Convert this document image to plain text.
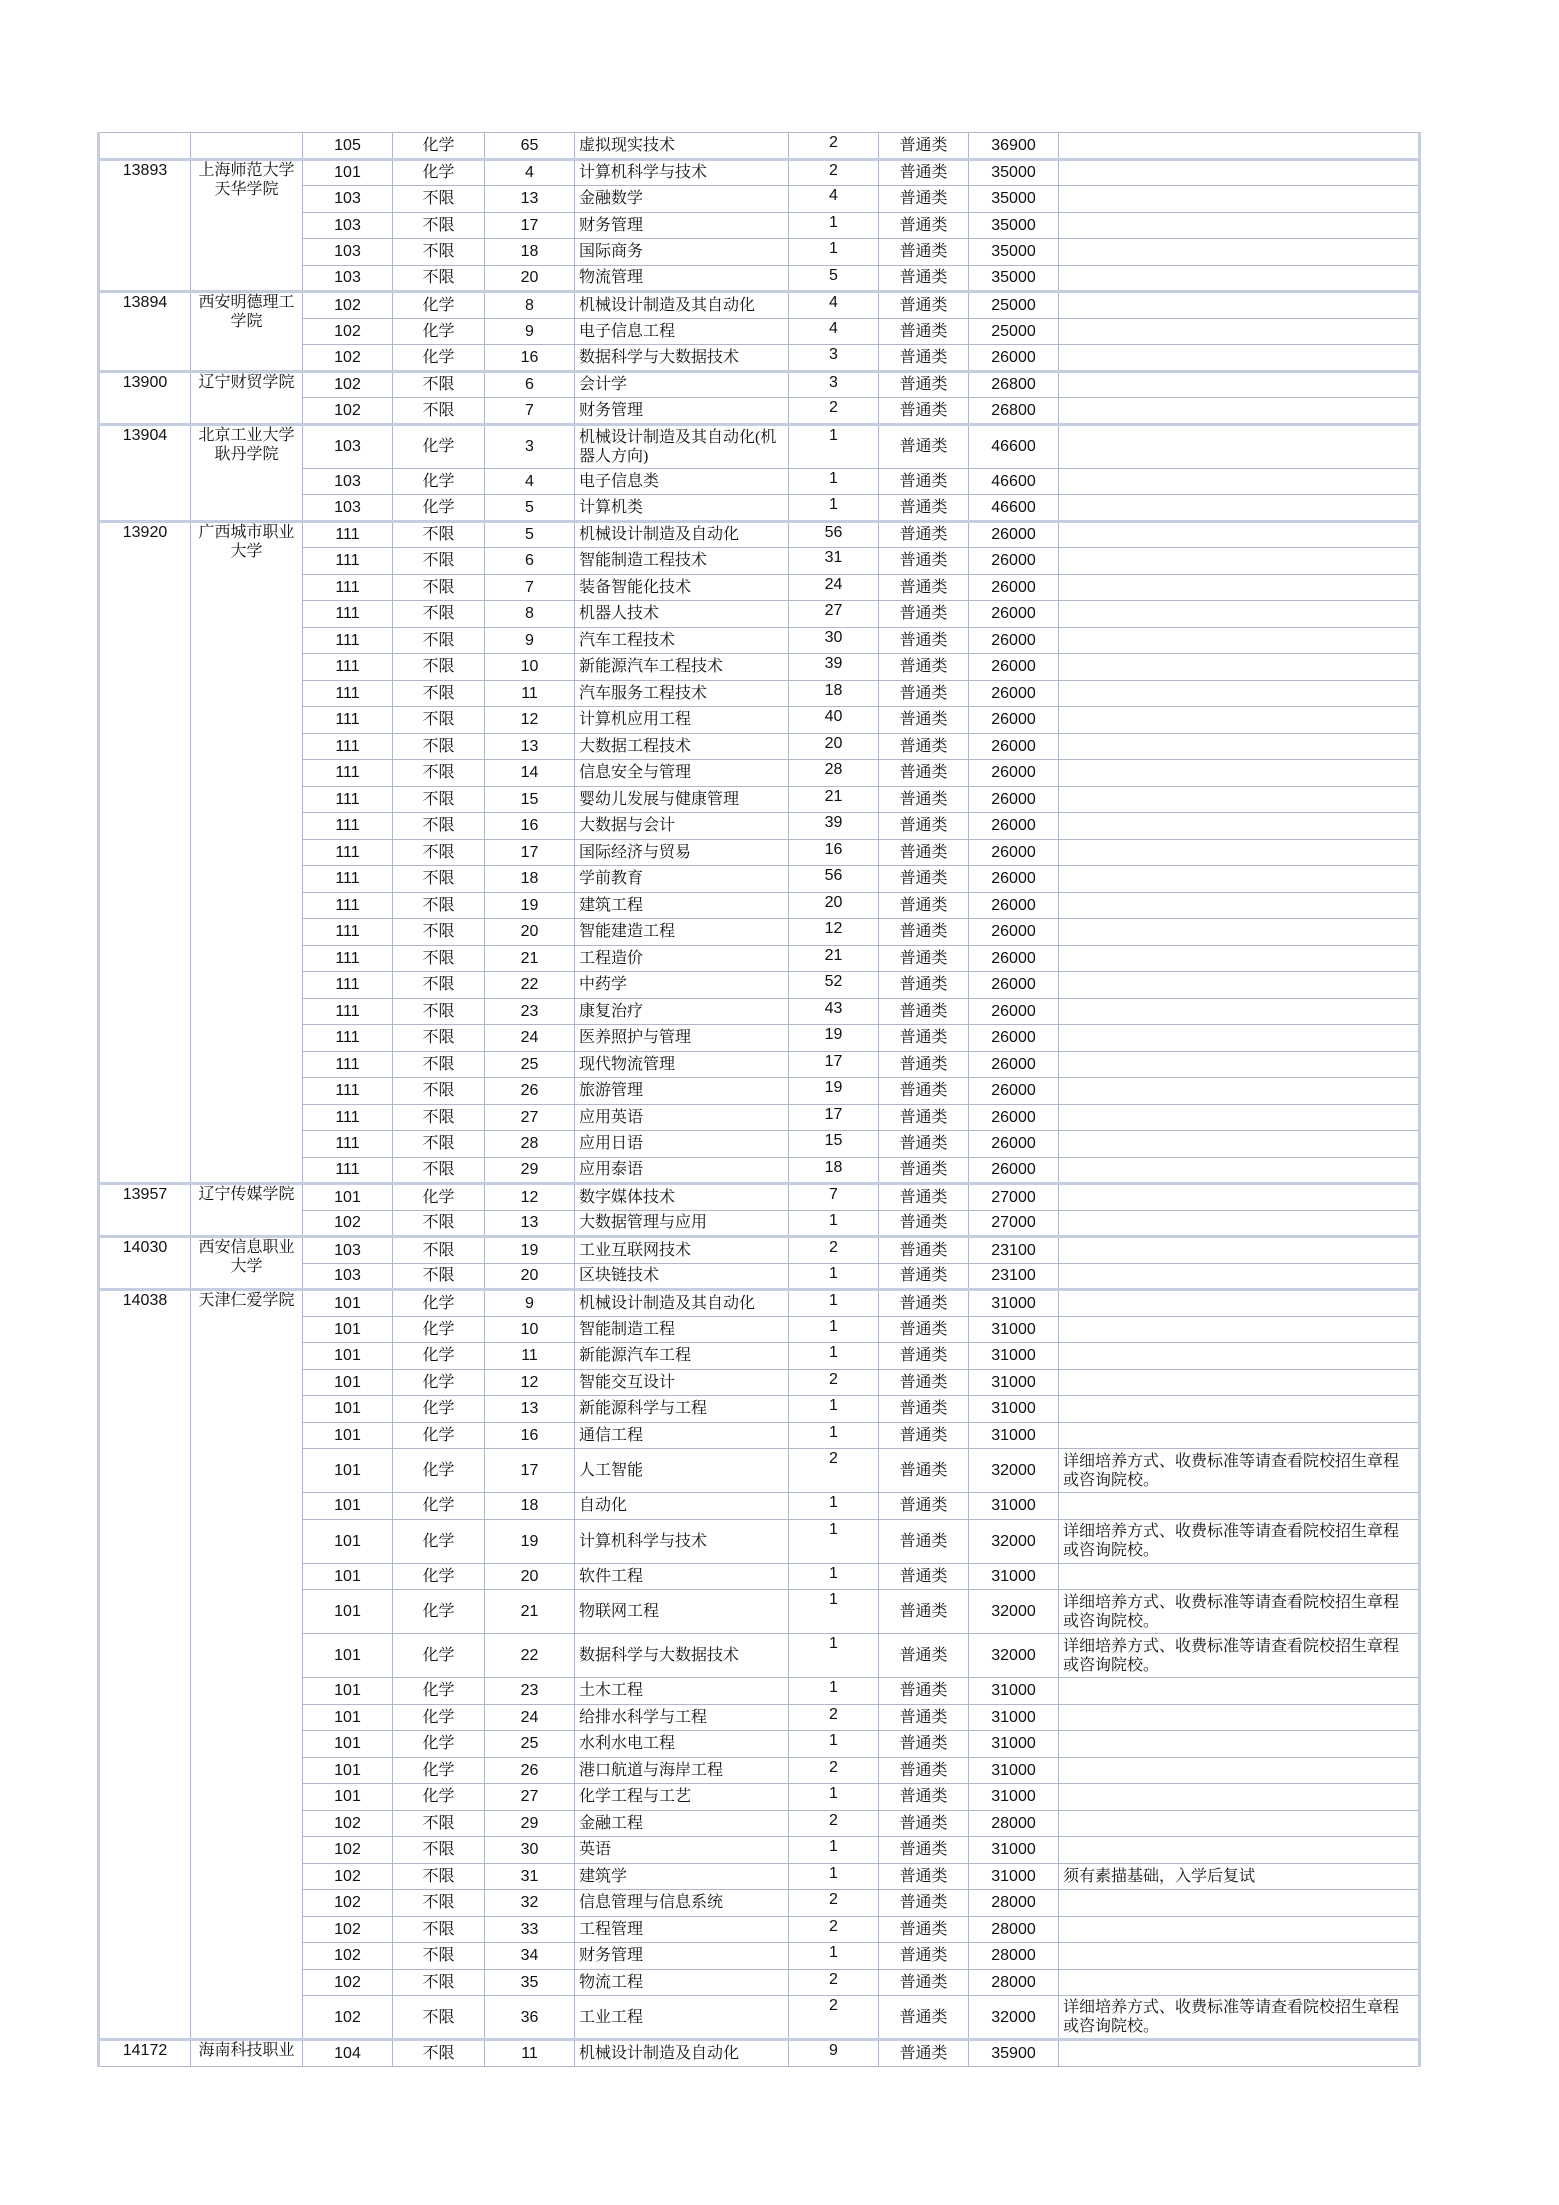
		105	化学	65	虚拟现实技术	2	普通类	36900	
13893	上海师范大学天华学院	101	化学	4	计算机科学与技术	2	普通类	35000	
		103	不限	13	金融数学	4	普通类	35000	
		103	不限	17	财务管理	1	普通类	35000	
		103	不限	18	国际商务	1	普通类	35000	
		103	不限	20	物流管理	5	普通类	35000	
13894	西安明德理工学院	102	化学	8	机械设计制造及其自动化	4	普通类	25000	
		102	化学	9	电子信息工程	4	普通类	25000	
		102	化学	16	数据科学与大数据技术	3	普通类	26000	
13900	辽宁财贸学院	102	不限	6	会计学	3	普通类	26800	
		102	不限	7	财务管理	2	普通类	26800	
13904	北京工业大学耿丹学院	103	化学	3	机械设计制造及其自动化(机器人方向)	1	普通类	46600	
		103	化学	4	电子信息类	1	普通类	46600	
		103	化学	5	计算机类	1	普通类	46600	
13920	广西城市职业大学	111	不限	5	机械设计制造及自动化	56	普通类	26000	
		111	不限	6	智能制造工程技术	31	普通类	26000	
		111	不限	7	装备智能化技术	24	普通类	26000	
		111	不限	8	机器人技术	27	普通类	26000	
		111	不限	9	汽车工程技术	30	普通类	26000	
		111	不限	10	新能源汽车工程技术	39	普通类	26000	
		111	不限	11	汽车服务工程技术	18	普通类	26000	
		111	不限	12	计算机应用工程	40	普通类	26000	
		111	不限	13	大数据工程技术	20	普通类	26000	
		111	不限	14	信息安全与管理	28	普通类	26000	
		111	不限	15	婴幼儿发展与健康管理	21	普通类	26000	
		111	不限	16	大数据与会计	39	普通类	26000	
		111	不限	17	国际经济与贸易	16	普通类	26000	
		111	不限	18	学前教育	56	普通类	26000	
		111	不限	19	建筑工程	20	普通类	26000	
		111	不限	20	智能建造工程	12	普通类	26000	
		111	不限	21	工程造价	21	普通类	26000	
		111	不限	22	中药学	52	普通类	26000	
		111	不限	23	康复治疗	43	普通类	26000	
		111	不限	24	医养照护与管理	19	普通类	26000	
		111	不限	25	现代物流管理	17	普通类	26000	
		111	不限	26	旅游管理	19	普通类	26000	
		111	不限	27	应用英语	17	普通类	26000	
		111	不限	28	应用日语	15	普通类	26000	
		111	不限	29	应用泰语	18	普通类	26000	
13957	辽宁传媒学院	101	化学	12	数字媒体技术	7	普通类	27000	
		102	不限	13	大数据管理与应用	1	普通类	27000	
14030	西安信息职业大学	103	不限	19	工业互联网技术	2	普通类	23100	
		103	不限	20	区块链技术	1	普通类	23100	
14038	天津仁爱学院	101	化学	9	机械设计制造及其自动化	1	普通类	31000	
		101	化学	10	智能制造工程	1	普通类	31000	
		101	化学	11	新能源汽车工程	1	普通类	31000	
		101	化学	12	智能交互设计	2	普通类	31000	
		101	化学	13	新能源科学与工程	1	普通类	31000	
		101	化学	16	通信工程	1	普通类	31000	
		101	化学	17	人工智能	2	普通类	32000	详细培养方式、收费标准等请查看院校招生章程或咨询院校。
		101	化学	18	自动化	1	普通类	31000	
		101	化学	19	计算机科学与技术	1	普通类	32000	详细培养方式、收费标准等请查看院校招生章程或咨询院校。
		101	化学	20	软件工程	1	普通类	31000	
		101	化学	21	物联网工程	1	普通类	32000	详细培养方式、收费标准等请查看院校招生章程或咨询院校。
		101	化学	22	数据科学与大数据技术	1	普通类	32000	详细培养方式、收费标准等请查看院校招生章程或咨询院校。
		101	化学	23	土木工程	1	普通类	31000	
		101	化学	24	给排水科学与工程	2	普通类	31000	
		101	化学	25	水利水电工程	1	普通类	31000	
		101	化学	26	港口航道与海岸工程	2	普通类	31000	
		101	化学	27	化学工程与工艺	1	普通类	31000	
		102	不限	29	金融工程	2	普通类	28000	
		102	不限	30	英语	1	普通类	31000	
		102	不限	31	建筑学	1	普通类	31000	须有素描基础，入学后复试
		102	不限	32	信息管理与信息系统	2	普通类	28000	
		102	不限	33	工程管理	2	普通类	28000	
		102	不限	34	财务管理	1	普通类	28000	
		102	不限	35	物流工程	2	普通类	28000	
		102	不限	36	工业工程	2	普通类	32000	详细培养方式、收费标准等请查看院校招生章程或咨询院校。
14172	海南科技职业	104	不限	11	机械设计制造及自动化	9	普通类	35900	
